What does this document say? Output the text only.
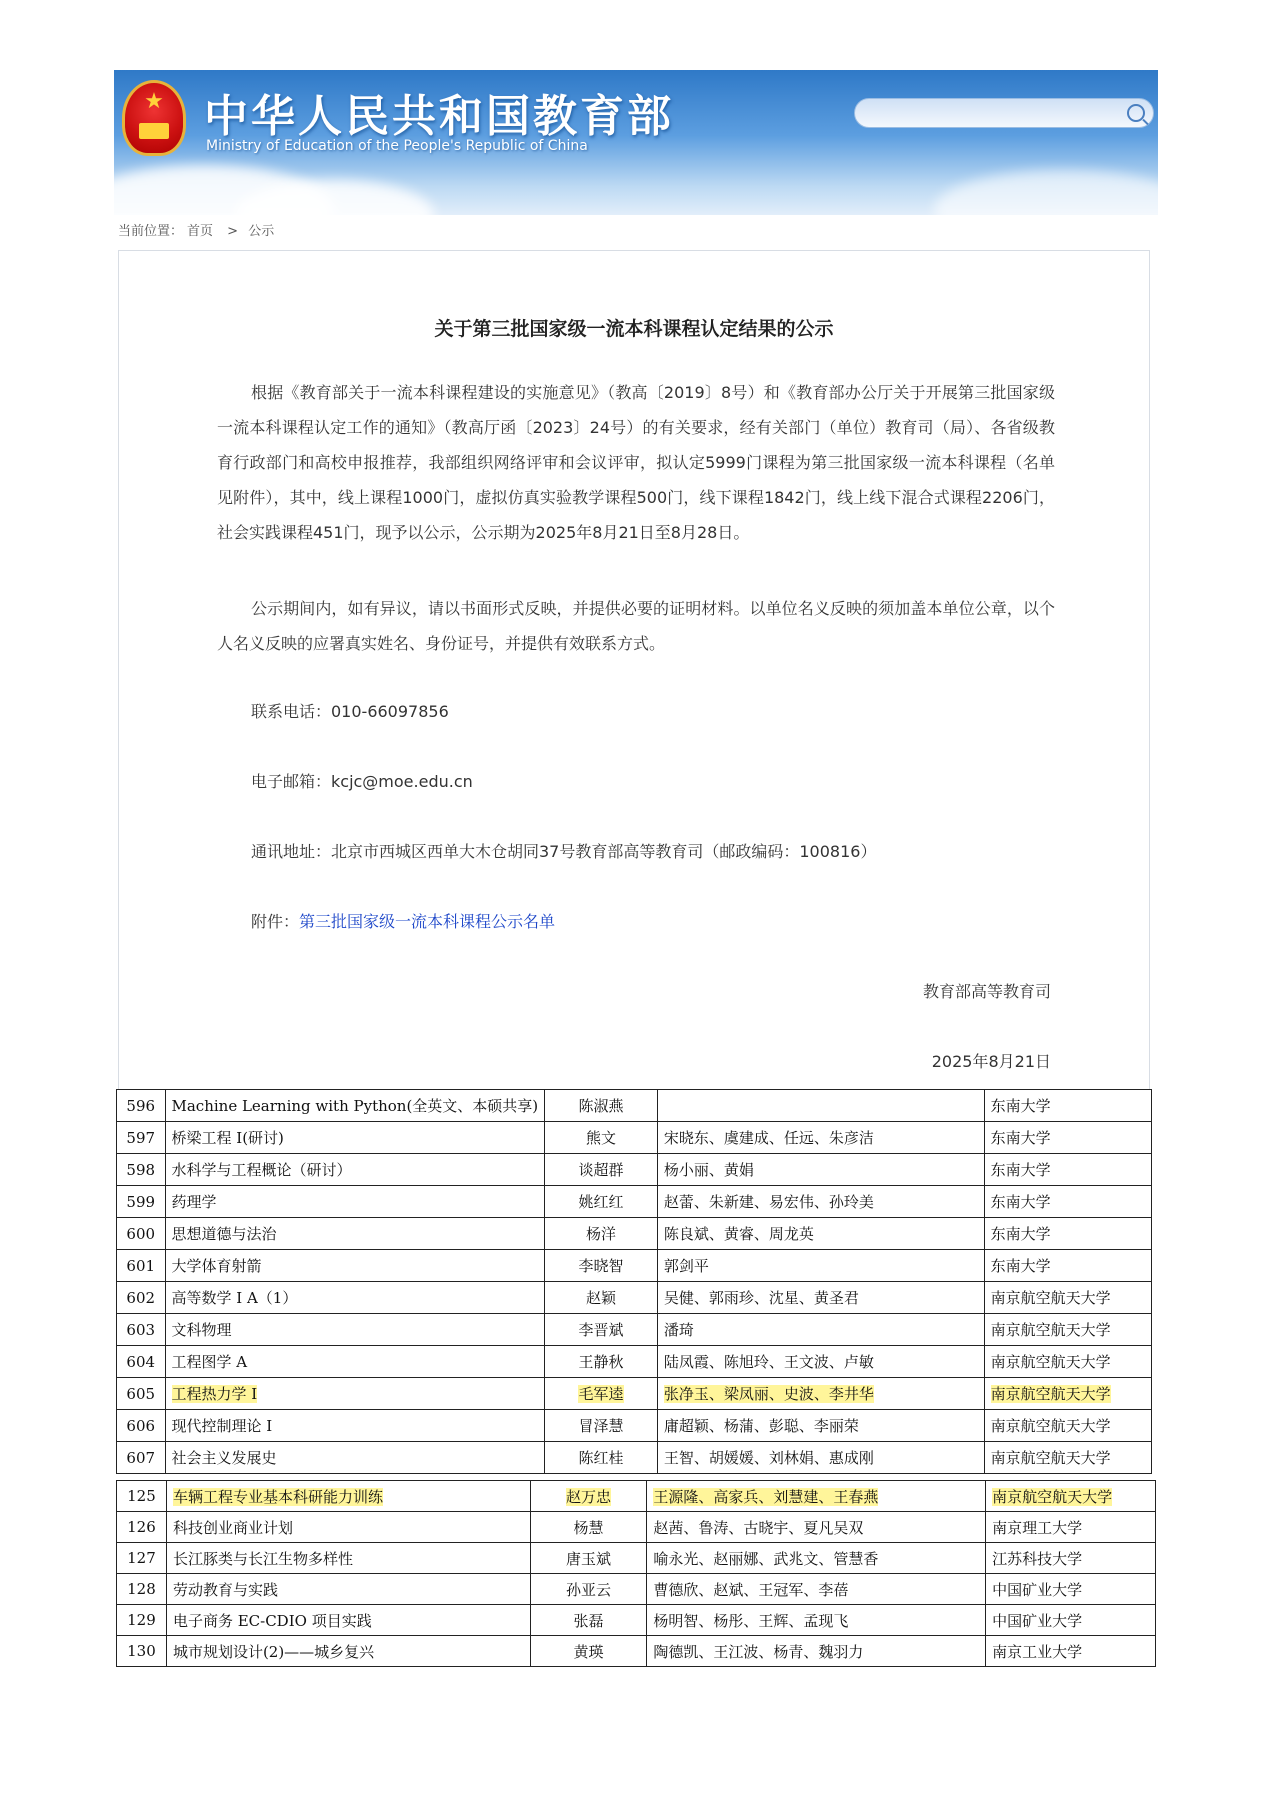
★
中华人民共和国教育部
Ministry of Education of the People's Republic of China
当前位置： 首页 > 公示
关于第三批国家级一流本科课程认定结果的公示
根据《教育部关于一流本科课程建设的实施意见》（教高〔2019〕8号）和《教育部办公厅关于开展第三批国家级一流本科课程认定工作的通知》（教高厅函〔2023〕24号）的有关要求，经有关部门（单位）教育司（局）、各省级教育行政部门和高校申报推荐，我部组织网络评审和会议评审，拟认定5999门课程为第三批国家级一流本科课程（名单见附件），其中，线上课程1000门，虚拟仿真实验教学课程500门，线下课程1842门，线上线下混合式课程2206门，社会实践课程451门，现予以公示，公示期为2025年8月21日至8月28日。
公示期间内，如有异议，请以书面形式反映，并提供必要的证明材料。以单位名义反映的须加盖本单位公章，以个人名义反映的应署真实姓名、身份证号，并提供有效联系方式。
联系电话：010-66097856
电子邮箱：kcjc@moe.edu.cn
通讯地址：北京市西城区西单大木仓胡同37号教育部高等教育司（邮政编码：100816）
附件：第三批国家级一流本科课程公示名单
教育部高等教育司
2025年8月21日
596	Machine Learning with Python(全英文、本硕共享)	陈淑燕		东南大学
597	桥梁工程 I(研讨)	熊文	宋晓东、虞建成、任远、朱彦洁	东南大学
598	水科学与工程概论（研讨）	谈超群	杨小丽、黄娟	东南大学
599	药理学	姚红红	赵蕾、朱新建、易宏伟、孙玲美	东南大学
600	思想道德与法治	杨洋	陈良斌、黄睿、周龙英	东南大学
601	大学体育射箭	李晓智	郭剑平	东南大学
602	高等数学 I A（1）	赵颖	吴健、郭雨珍、沈星、黄圣君	南京航空航天大学
603	文科物理	李晋斌	潘琦	南京航空航天大学
604	工程图学 A	王静秋	陆凤霞、陈旭玲、王文波、卢敏	南京航空航天大学
605	工程热力学 I	毛军逵	张净玉、梁凤丽、史波、李井华	南京航空航天大学
606	现代控制理论 I	冒泽慧	庸超颖、杨蒲、彭聪、李丽荣	南京航空航天大学
607	社会主义发展史	陈红桂	王智、胡媛媛、刘林娟、惠成刚	南京航空航天大学
125	车辆工程专业基本科研能力训练	赵万忠	王源隆、高家兵、刘慧建、王春燕	南京航空航天大学
126	科技创业商业计划	杨慧	赵茜、鲁涛、古晓宇、夏凡吴双	南京理工大学
127	长江豚类与长江生物多样性	唐玉斌	喻永光、赵丽娜、武兆文、管慧香	江苏科技大学
128	劳动教育与实践	孙亚云	曹德欣、赵斌、王冠军、李蓓	中国矿业大学
129	电子商务 EC-CDIO 项目实践	张磊	杨明智、杨彤、王辉、孟现飞	中国矿业大学
130	城市规划设计(2)——城乡复兴	黄瑛	陶德凯、王江波、杨青、魏羽力	南京工业大学
